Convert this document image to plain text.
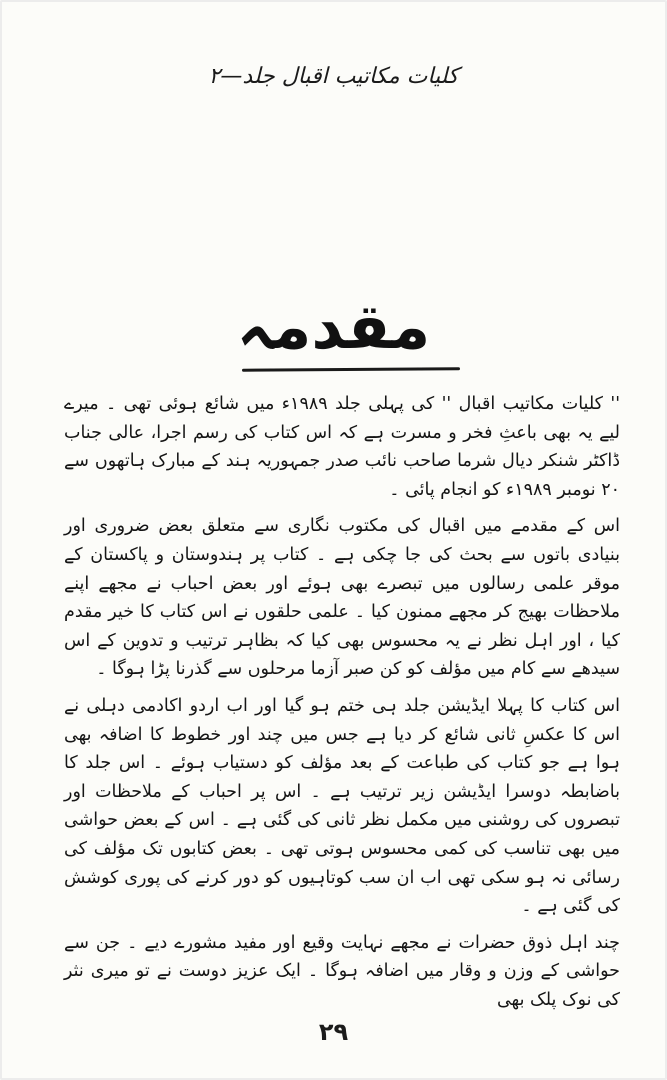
کلیات مکاتیب اقبال جلد—۲
مقدمہ

'' کلیات مکاتیب اقبال '' کی پہلی جلد ۱۹۸۹ء میں شائع ہوئی تھی ۔ میرے لیے یہ بھی باعثِ فخر و مسرت ہے کہ اس کتاب کی رسم اجرا، عالی جناب ڈاکٹر شنکر دیال شرما صاحب نائب صدر جمہوریہ ہند کے مبارک ہاتھوں سے ۲۰ نومبر ۱۹۸۹ء کو انجام پائی ۔

اس کے مقدمے میں اقبال کی مکتوب نگاری سے متعلق بعض ضروری اور بنیادی باتوں سے بحث کی جا چکی ہے ۔ کتاب پر ہندوستان و پاکستان کے موقر علمی رسالوں میں تبصرے بھی ہوئے اور بعض احباب نے مجھے اپنے ملاحظات بھیج کر مجھے ممنون کیا ۔ علمی حلقوں نے اس کتاب کا خیر مقدم کیا ، اور اہل نظر نے یہ محسوس بھی کیا کہ بظاہر ترتیب و تدوین کے اس سیدھے سے کام میں مؤلف کو کن صبر آزما مرحلوں سے گذرنا پڑا ہوگا ۔

اس کتاب کا پہلا ایڈیشن جلد ہی ختم ہو گیا اور اب اردو اکادمی دہلی نے اس کا عکسِ ثانی شائع کر دیا ہے جس میں چند اور خطوط کا اضافہ بھی ہوا ہے جو کتاب کی طباعت کے بعد مؤلف کو دستیاب ہوئے ۔ اس جلد کا باضابطہ دوسرا ایڈیشن زیر ترتیب ہے ۔ اس پر احباب کے ملاحظات اور تبصروں کی روشنی میں مکمل نظر ثانی کی گئی ہے ۔ اس کے بعض حواشی میں بھی تناسب کی کمی محسوس ہوتی تھی ۔ بعض کتابوں تک مؤلف کی رسائی نہ ہو سکی تھی اب ان سب کوتاہیوں کو دور کرنے کی پوری کوشش کی گئی ہے ۔

چند اہل ذوق حضرات نے مجھے نہایت وقیع اور مفید مشورے دیے ۔ جن سے حواشی کے وزن و وقار میں اضافہ ہوگا ۔ ایک عزیز دوست نے تو میری نثر کی نوک پلک بھی

۲۹
